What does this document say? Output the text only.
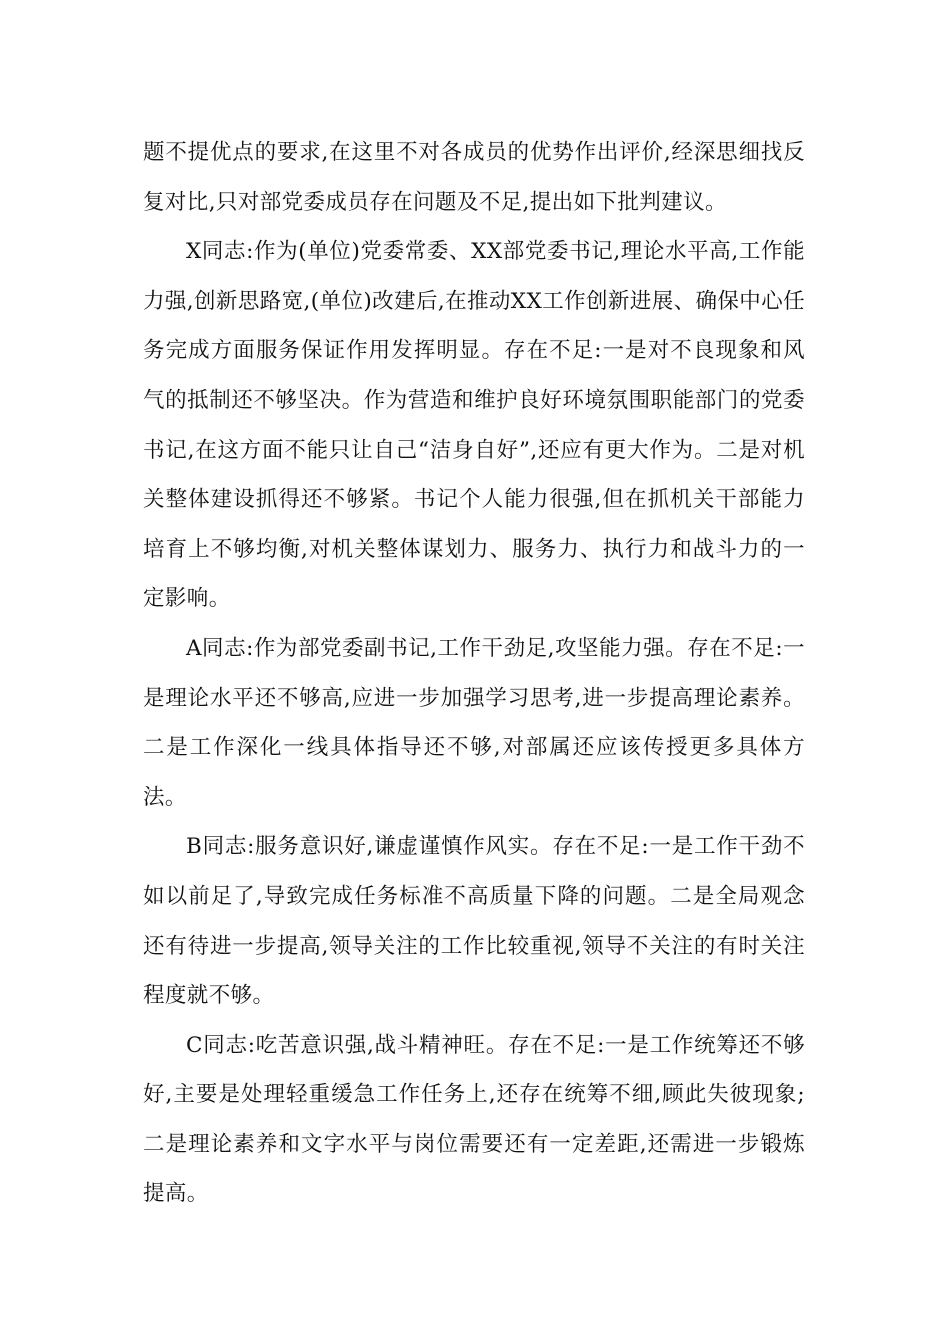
题不提优点的要求,在这里不对各成员的优势作出评价,经深思细找反复对比,只对部党委成员存在问题及不足,提出如下批判建议。

X同志:作为(单位)党委常委、XX部党委书记,理论水平高,工作能力强,创新思路宽,(单位)改建后,在推动XX工作创新进展、确保中心任务完成方面服务保证作用发挥明显。存在不足:一是对不良现象和风气的抵制还不够坚决。作为营造和维护良好环境氛围职能部门的党委书记,在这方面不能只让自己“洁身自好”,还应有更大作为。二是对机关整体建设抓得还不够紧。书记个人能力很强,但在抓机关干部能力培育上不够均衡,对机关整体谋划力、服务力、执行力和战斗力的一定影响。

A同志:作为部党委副书记,工作干劲足,攻坚能力强。存在不足:一是理论水平还不够高,应进一步加强学习思考,进一步提高理论素养。二是工作深化一线具体指导还不够,对部属还应该传授更多具体方法。

B同志:服务意识好,谦虚谨慎作风实。存在不足:一是工作干劲不如以前足了,导致完成任务标准不高质量下降的问题。二是全局观念还有待进一步提高,领导关注的工作比较重视,领导不关注的有时关注程度就不够。

C同志:吃苦意识强,战斗精神旺。存在不足:一是工作统筹还不够好,主要是处理轻重缓急工作任务上,还存在统筹不细,顾此失彼现象;二是理论素养和文字水平与岗位需要还有一定差距,还需进一步锻炼提高。
